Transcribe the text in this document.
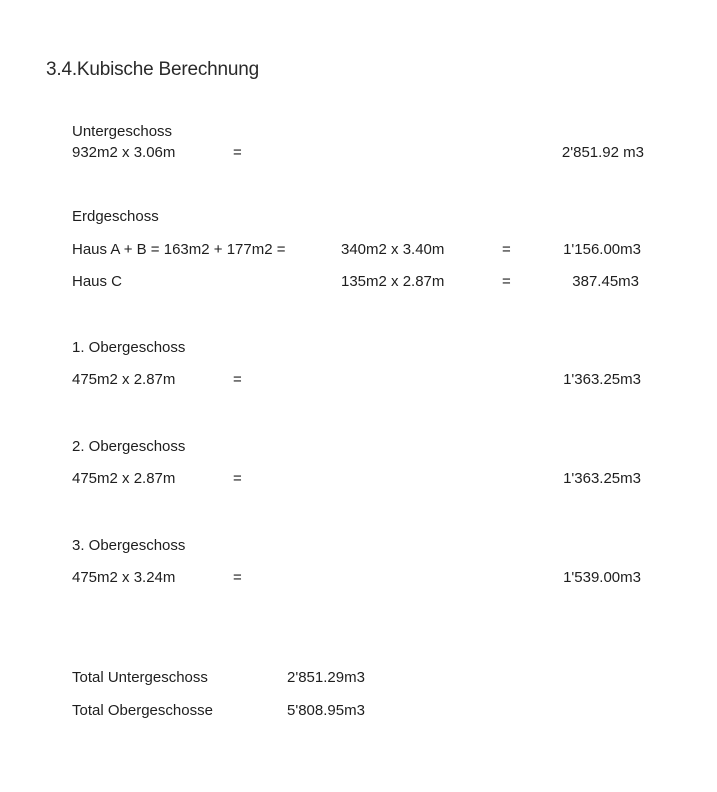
3.4.Kubische Berechnung
Untergeschoss
932m2 x 3.06m	=	2'851.92 m3
Erdgeschoss
Haus A + B = 163m2 + 177m2 =	340m2 x 3.40m	=	1'156.00m3
Haus C	135m2 x 2.87m	=	387.45m3
1. Obergeschoss
475m2 x 2.87m	=	1'363.25m3
2. Obergeschoss
475m2 x 2.87m	=	1'363.25m3
3. Obergeschoss
475m2 x 3.24m	=	1'539.00m3
Total Untergeschoss	2'851.29m3
Total Obergeschosse	5'808.95m3
